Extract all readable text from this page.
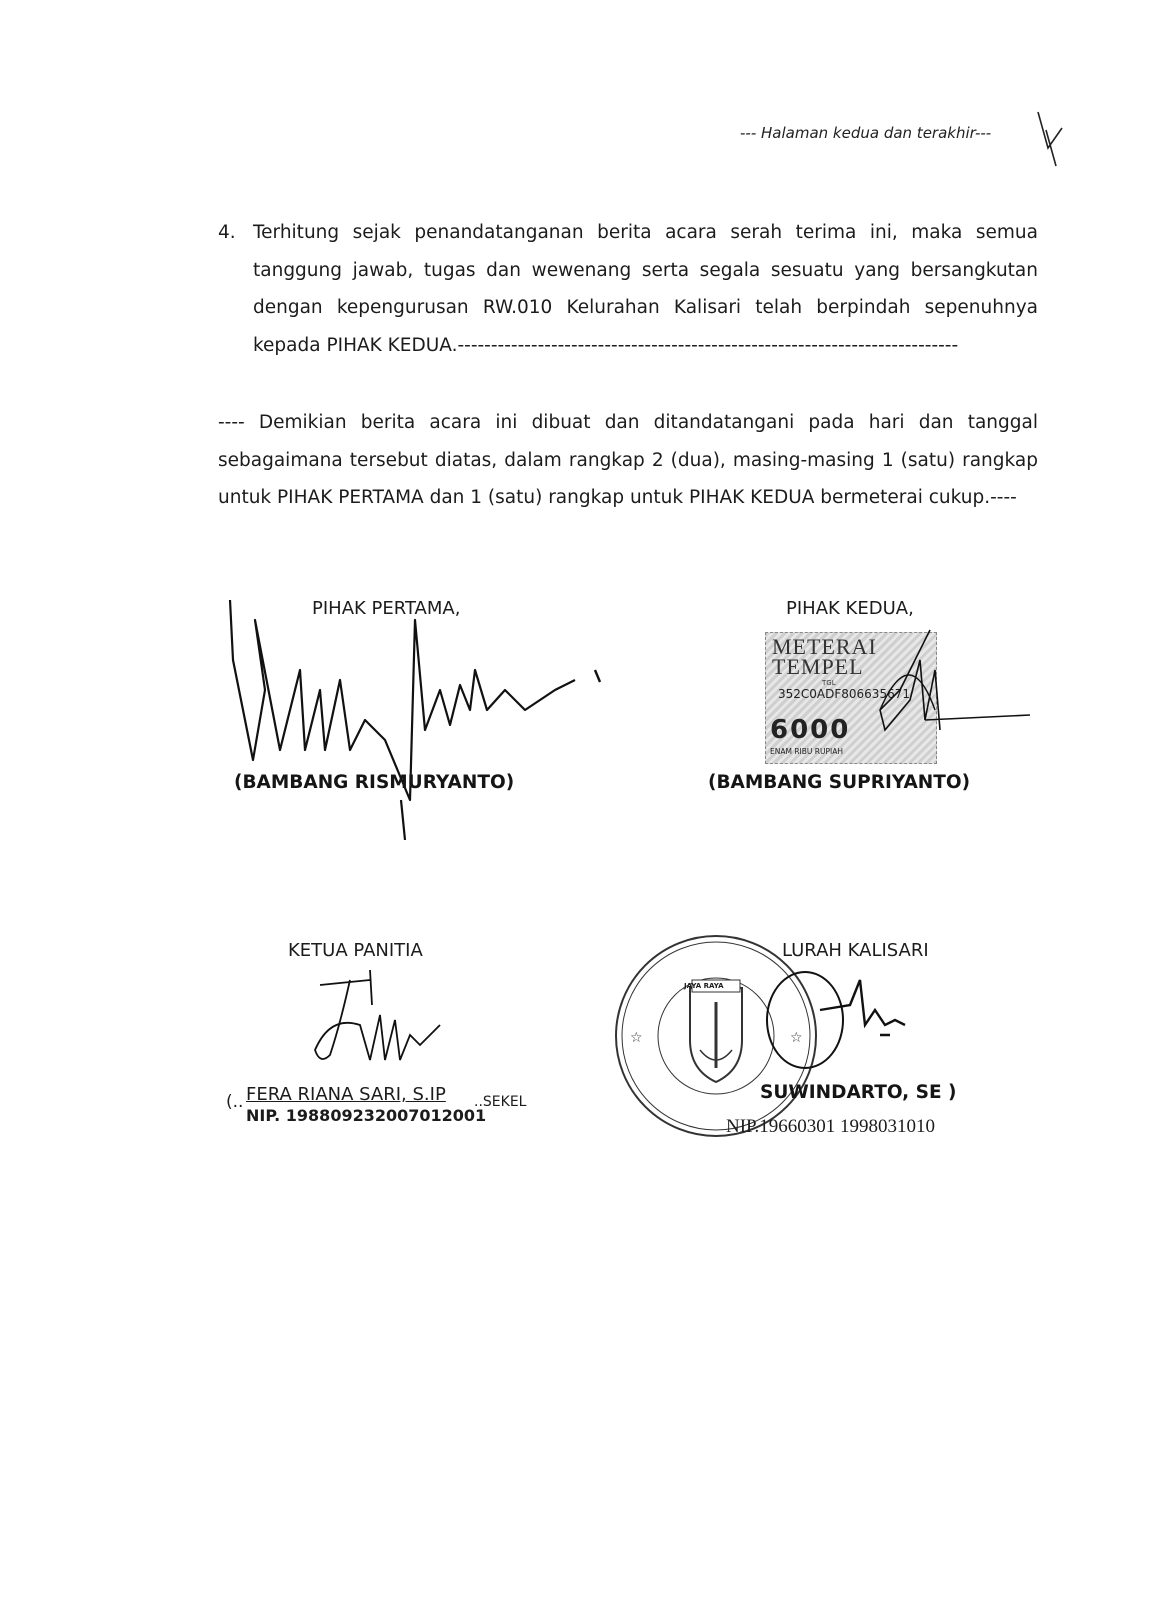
--- Halaman kedua dan terakhir---
4. Terhitung sejak penandatanganan berita acara serah terima ini, maka semua
tanggung jawab, tugas dan wewenang serta segala sesuatu yang bersangkutan
dengan kepengurusan RW.010 Kelurahan Kalisari telah berpindah sepenuhnya
kepada PIHAK KEDUA.---------------------------------------------------------------------------
---- Demikian berita acara ini dibuat dan ditandatangani pada hari dan tanggal
sebagaimana tersebut diatas, dalam rangkap 2 (dua), masing-masing 1 (satu) rangkap
untuk PIHAK PERTAMA dan 1 (satu) rangkap untuk PIHAK KEDUA bermeterai cukup.----
PIHAK PERTAMA,
(BAMBANG RISMURYANTO)
PIHAK KEDUA,
METERAI TEMPEL
TGL
352C0ADF806635671
6000
ENAM RIBU RUPIAH
(BAMBANG SUPRIYANTO)
KETUA PANITIA
(.. FERA RIANA SARI, S.IP ..SEKEL
NIP. 198809232007012001
LURAH KALISARI
☆	☆
JAYA RAYA
SUWINDARTO, SE )
NIP.19660301 1998031010
